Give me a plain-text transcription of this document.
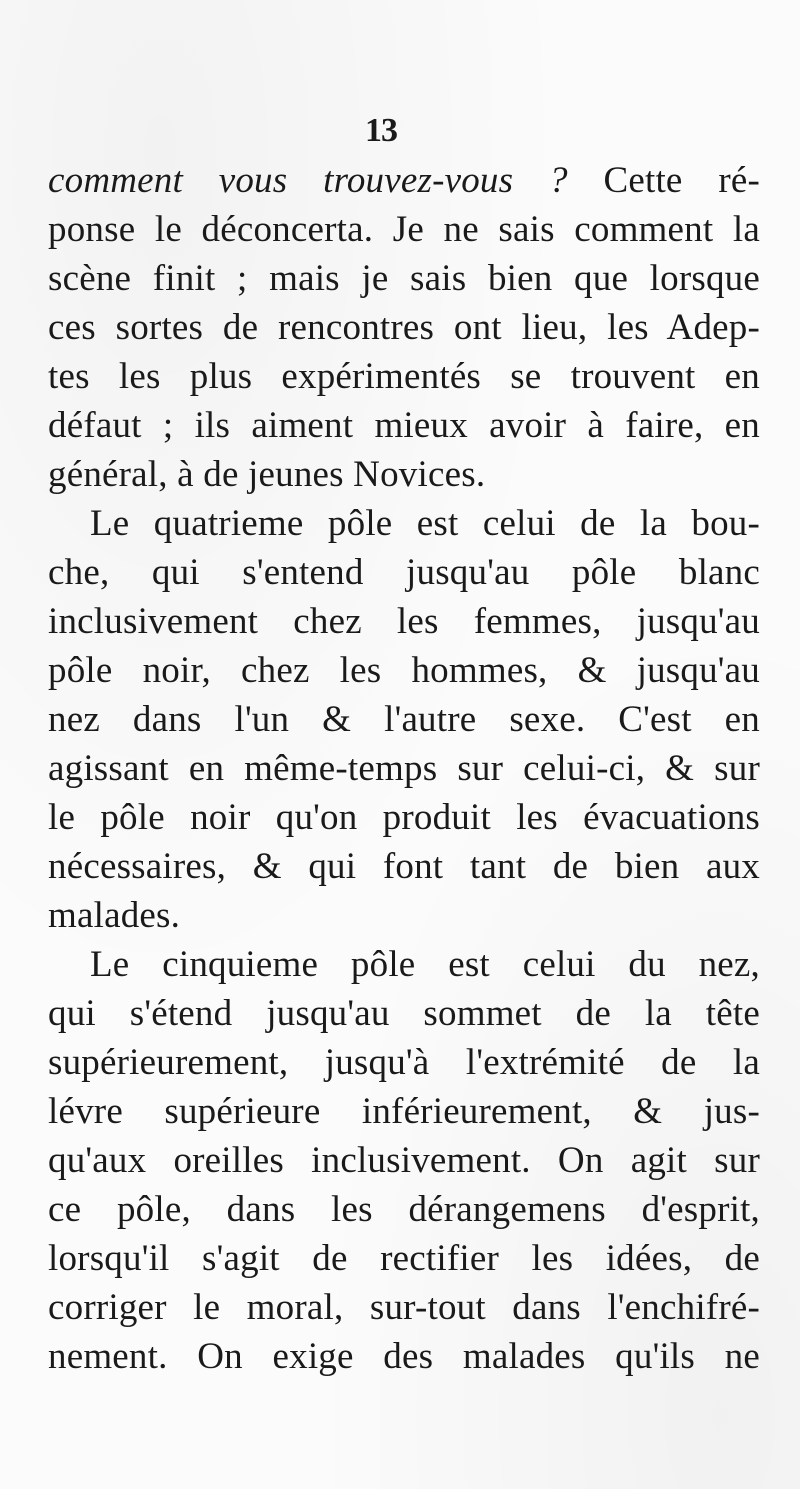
13
comment vous trouvez-vous ? Cette ré-
ponse le déconcerta. Je ne sais comment la
scène finit ; mais je sais bien que lorsque
ces sortes de rencontres ont lieu, les Adep-
tes les plus expérimentés se trouvent en
défaut ; ils aiment mieux avoir à faire, en
général, à de jeunes Novices.
Le quatrieme pôle est celui de la bou-
che, qui s'entend jusqu'au pôle blanc
inclusivement chez les femmes, jusqu'au
pôle noir, chez les hommes, & jusqu'au
nez dans l'un & l'autre sexe. C'est en
agissant en même-temps sur celui-ci, & sur
le pôle noir qu'on produit les évacuations
nécessaires, & qui font tant de bien aux
malades.
Le cinquieme pôle est celui du nez,
qui s'étend jusqu'au sommet de la tête
supérieurement, jusqu'à l'extrémité de la
lévre supérieure inférieurement, & jus-
qu'aux oreilles inclusivement. On agit sur
ce pôle, dans les dérangemens d'esprit,
lorsqu'il s'agit de rectifier les idées, de
corriger le moral, sur-tout dans l'enchifré-
nement. On exige des malades qu'ils ne
